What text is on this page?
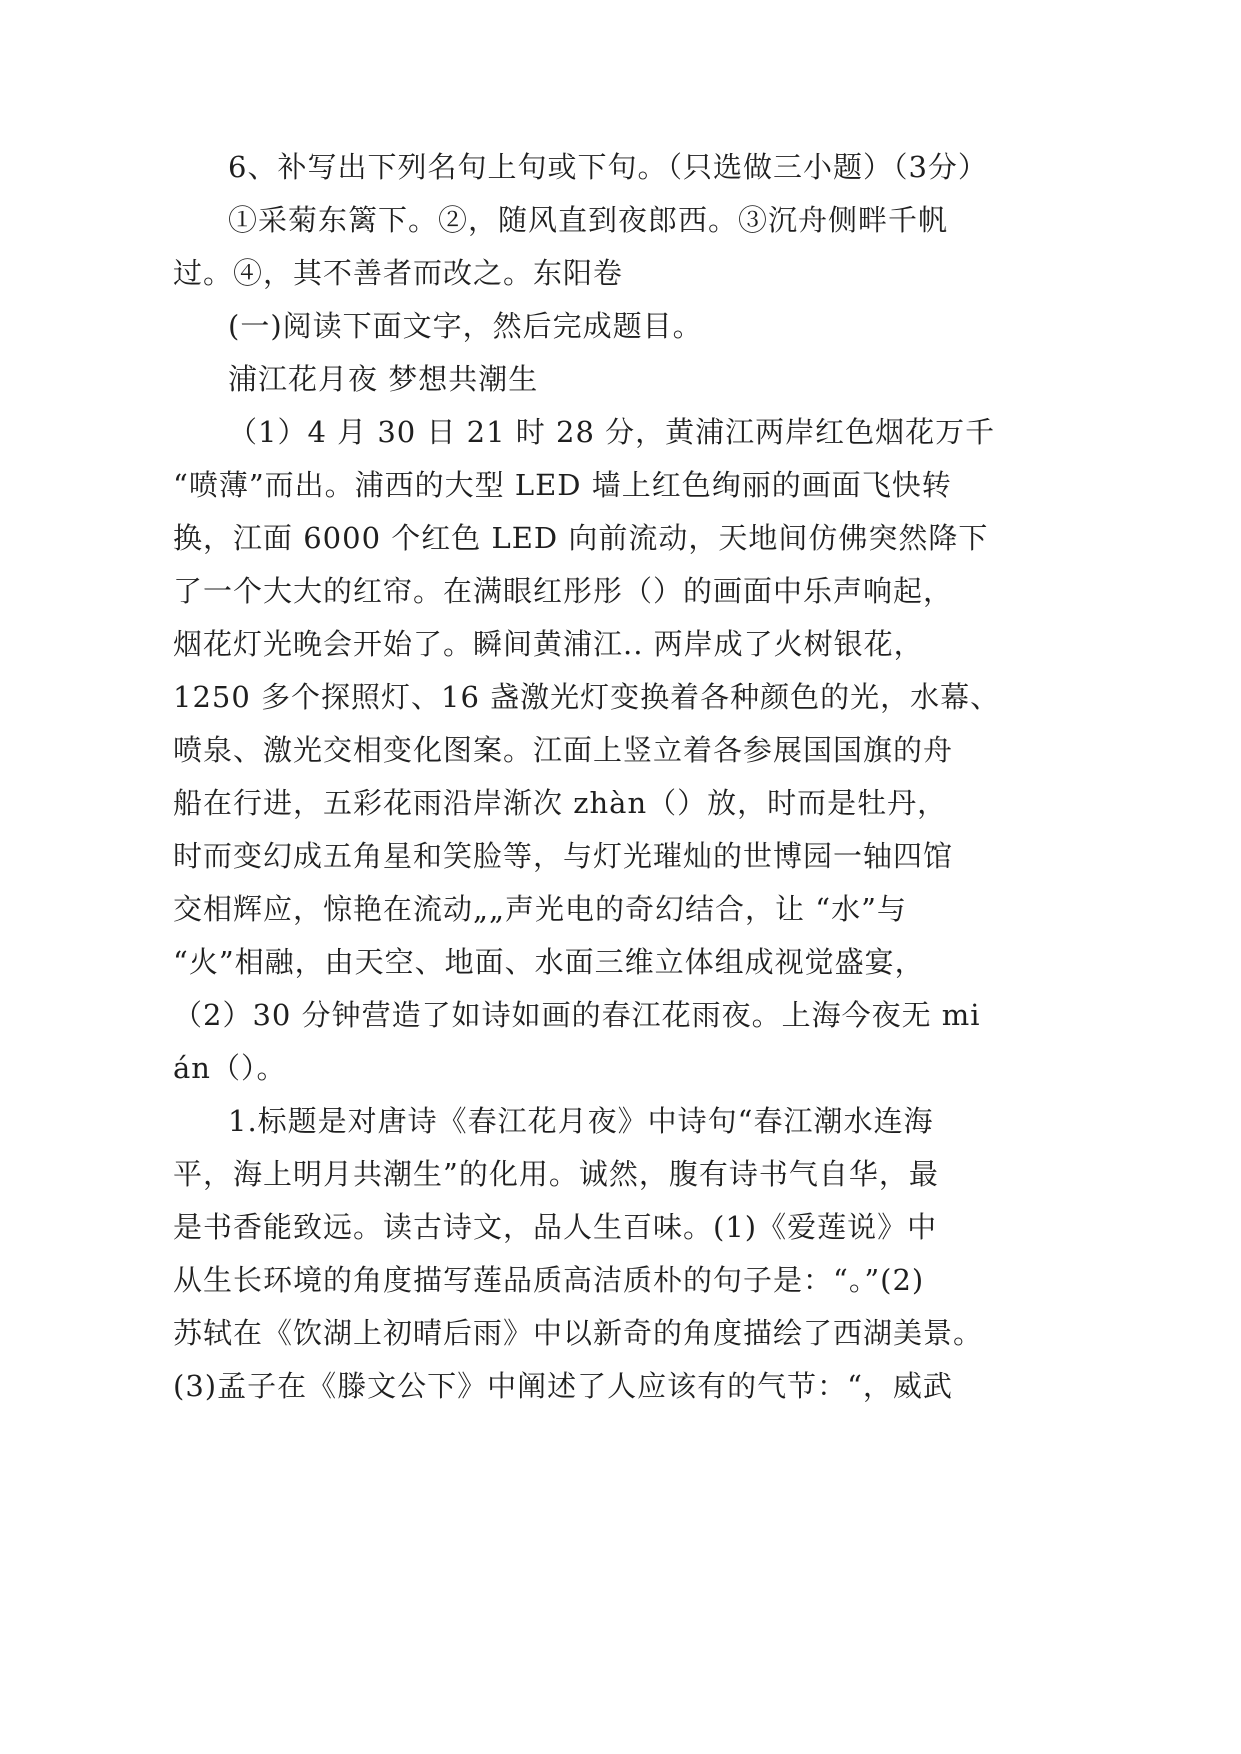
6、补写出下列名句上句或下句。（只选做三小题）（3分）
①采菊东篱下。②，随风直到夜郎西。③沉舟侧畔千帆
过。④，其不善者而改之。东阳卷
(一)阅读下面文字，然后完成题目。
浦江花月夜 梦想共潮生
（1）4 月 30 日 21 时 28 分，黄浦江两岸红色烟花万千
“喷薄”而出。浦西的大型 LED 墙上红色绚丽的画面飞快转
换，江面 6000 个红色 LED 向前流动，天地间仿佛突然降下
了一个大大的红帘。在满眼红彤彤（）的画面中乐声响起，
烟花灯光晚会开始了。瞬间黄浦江.. 两岸成了火树银花，
1250 多个探照灯、16 盏激光灯变换着各种颜色的光，水幕、
喷泉、激光交相变化图案。江面上竖立着各参展国国旗的舟
船在行进，五彩花雨沿岸渐次 zhàn（）放，时而是牡丹，
时而变幻成五角星和笑脸等，与灯光璀灿的世博园一轴四馆
交相辉应，惊艳在流动„„声光电的奇幻结合，让 “水”与
“火”相融，由天空、地面、水面三维立体组成视觉盛宴，
（2）30 分钟营造了如诗如画的春江花雨夜。上海今夜无 mi
án（）。
1.标题是对唐诗《春江花月夜》中诗句“春江潮水连海
平，海上明月共潮生”的化用。诚然，腹有诗书气自华，最
是书香能致远。读古诗文，品人生百味。(1)《爱莲说》中
从生长环境的角度描写莲品质高洁质朴的句子是：“。”(2)
苏轼在《饮湖上初晴后雨》中以新奇的角度描绘了西湖美景。
(3)孟子在《滕文公下》中阐述了人应该有的气节：“，威武
